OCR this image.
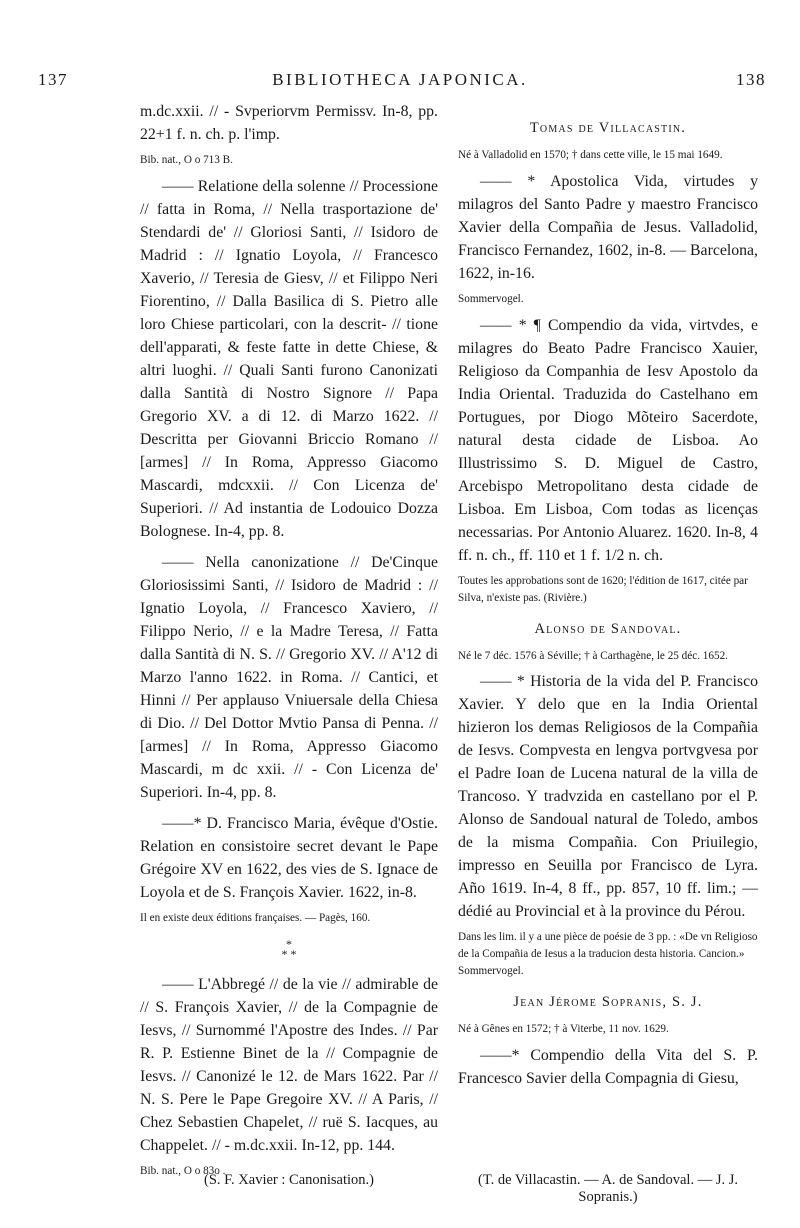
137	BIBLIOTHECA JAPONICA.	138

m.dc.xxii. // - Svperiorvm Permissv. In-8, pp. 22+1 f. n. ch. p. l'imp.

Bib. nat., O o 713 B.

—— Relatione della solenne // Processione // fatta in Roma, // Nella trasportazione de' Stendardi de' // Gloriosi Santi, // Isidoro de Madrid : // Ignatio Loyola, // Francesco Xaverio, // Teresia de Giesv, // et Filippo Neri Fiorentino, // Dalla Basilica di S. Pietro alle loro Chiese particolari, con la descrit- // tione dell'apparati, & feste fatte in dette Chiese, & altri luoghi. // Quali Santi furono Canonizati dalla Santità di Nostro Signore // Papa Gregorio XV. a di 12. di Marzo 1622. // Descritta per Giovanni Briccio Romano // [armes] // In Roma, Appresso Giacomo Mascardi, mdcxxii. // Con Licenza de' Superiori. // Ad instantia de Lodouico Dozza Bolognese. In-4, pp. 8.

—— Nella canonizatione // De'Cinque Gloriosissimi Santi, // Isidoro de Madrid : // Ignatio Loyola, // Francesco Xaviero, // Filippo Nerio, // e la Madre Teresa, // Fatta dalla Santità di N. S. // Gregorio XV. // A'12 di Marzo l'anno 1622. in Roma. // Cantici, et Hinni // Per applauso Vniuersale della Chiesa di Dio. // Del Dottor Mvtio Pansa di Penna. // [armes] // In Roma, Appresso Giacomo Mascardi, m dc xxii. // - Con Licenza de' Superiori. In-4, pp. 8.

——* D. Francisco Maria, évêque d'Ostie. Relation en consistoire secret devant le Pape Grégoire XV en 1622, des vies de S. Ignace de Loyola et de S. François Xavier. 1622, in-8.

Il en existe deux éditions françaises. — Pagès, 160.

*
* *

—— L'Abbregé // de la vie // admirable de // S. François Xavier, // de la Compagnie de Iesvs, // Surnommé l'Apostre des Indes. // Par R. P. Estienne Binet de la // Compagnie de Iesvs. // Canonizé le 12. de Mars 1622. Par // N. S. Pere le Pape Gregoire XV. // A Paris, // Chez Sebastien Chapelet, // ruë S. Iacques, au Chappelet. // - m.dc.xxii. In-12, pp. 144.

Bib. nat., O o 83o .

Tomas de Villacastin.

Né à Valladolid en 1570; † dans cette ville, le 15 mai 1649.

—— * Apostolica Vida, virtudes y milagros del Santo Padre y maestro Francisco Xavier della Compañia de Jesus. Valladolid, Francisco Fernandez, 1602, in-8. — Barcelona, 1622, in-16.

Sommervogel.

—— * ¶ Compendio da vida, virtvdes, e milagres do Beato Padre Francisco Xauier, Religioso da Companhia de Iesv Apostolo da India Oriental. Traduzida do Castelhano em Portugues, por Diogo Mõteiro Sacerdote, natural desta cidade de Lisboa. Ao Illustrissimo S. D. Miguel de Castro, Arcebispo Metropolitano desta cidade de Lisboa. Em Lisboa, Com todas as licenças necessarias. Por Antonio Aluarez. 1620. In-8, 4 ff. n. ch., ff. 110 et 1 f. 1/2 n. ch.

Toutes les approbations sont de 1620; l'édition de 1617, citée par Silva, n'existe pas. (Rivière.)

Alonso de Sandoval.

Né le 7 déc. 1576 à Séville; † à Carthagène, le 25 déc. 1652.

—— * Historia de la vida del P. Francisco Xavier. Y delo que en la India Oriental hizieron los demas Religiosos de la Compañia de Iesvs. Compvesta en lengva portvgvesa por el Padre Ioan de Lucena natural de la villa de Trancoso. Y tradvzida en castellano por el P. Alonso de Sandoual natural de Toledo, ambos de la misma Compañia. Con Priuilegio, impresso en Seuilla por Francisco de Lyra. Año 1619. In-4, 8 ff., pp. 857, 10 ff. lim.; — dédié au Provincial et à la province du Pérou.

Dans les lim. il y a une pièce de poésie de 3 pp. : «De vn Religioso de la Compañia de Iesus a la traducion desta historia. Cancion.» Sommervogel.

Jean Jérome Sopranis, S. J.

Né à Gênes en 1572; † à Viterbe, 11 nov. 1629.

——* Compendio della Vita del S. P. Francesco Savier della Compagnia di Giesu,

(S. F. Xavier : Canonisation.)	(T. de Villacastin. — A. de Sandoval. — J. J. Sopranis.)
